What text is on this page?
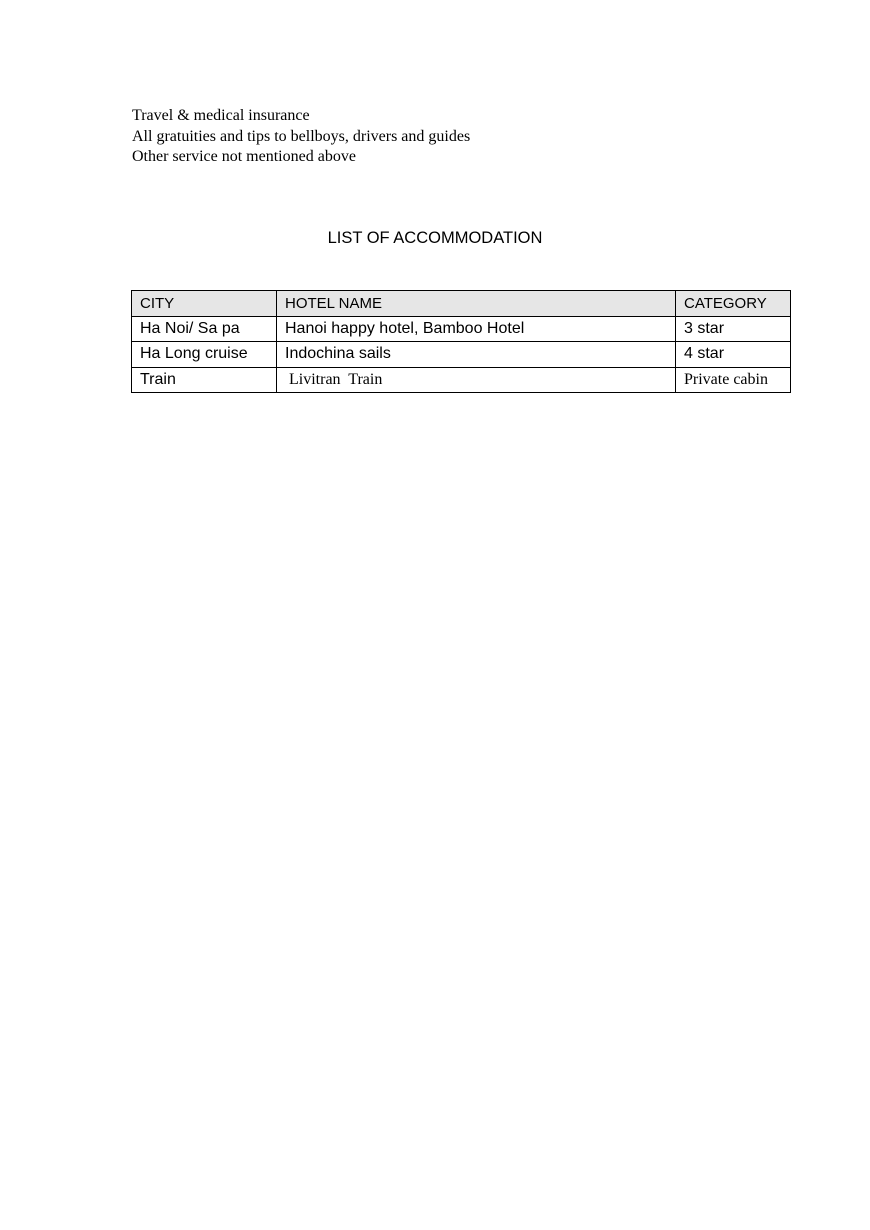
Travel & medical insurance
All gratuities and tips to bellboys, drivers and guides
Other service not mentioned above
LIST OF ACCOMMODATION
CITY	HOTEL NAME	CATEGORY
Ha Noi/ Sa pa	Hanoi happy hotel, Bamboo Hotel	3 star
Ha Long cruise	Indochina sails	4 star
Train	Livitran  Train	Private cabin
